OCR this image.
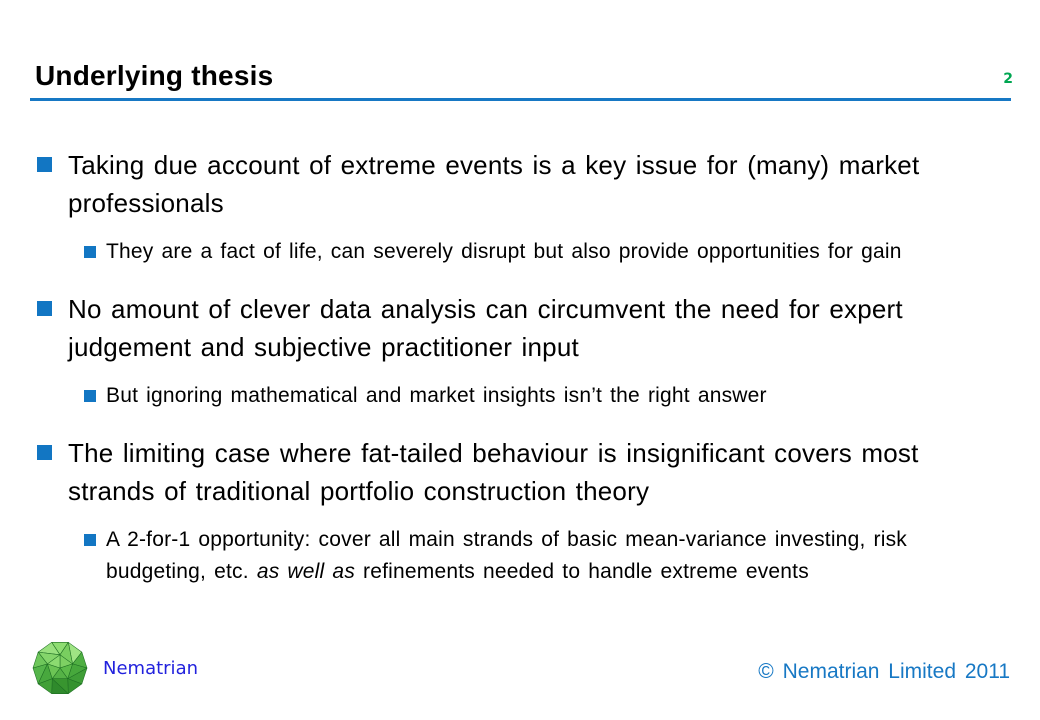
Underlying thesis	2
Taking due account of extreme events is a key issue for (many) market professionals
They are a fact of life, can severely disrupt but also provide opportunities for gain
No amount of clever data analysis can circumvent the need for expert judgement and subjective practitioner input
But ignoring mathematical and market insights isn’t the right answer
The limiting case where fat-tailed behaviour is insignificant covers most strands of traditional portfolio construction theory
A 2-for-1 opportunity: cover all main strands of basic mean-variance investing, risk budgeting, etc. as well as refinements needed to handle extreme events
Nematrian	© Nematrian Limited 2011
